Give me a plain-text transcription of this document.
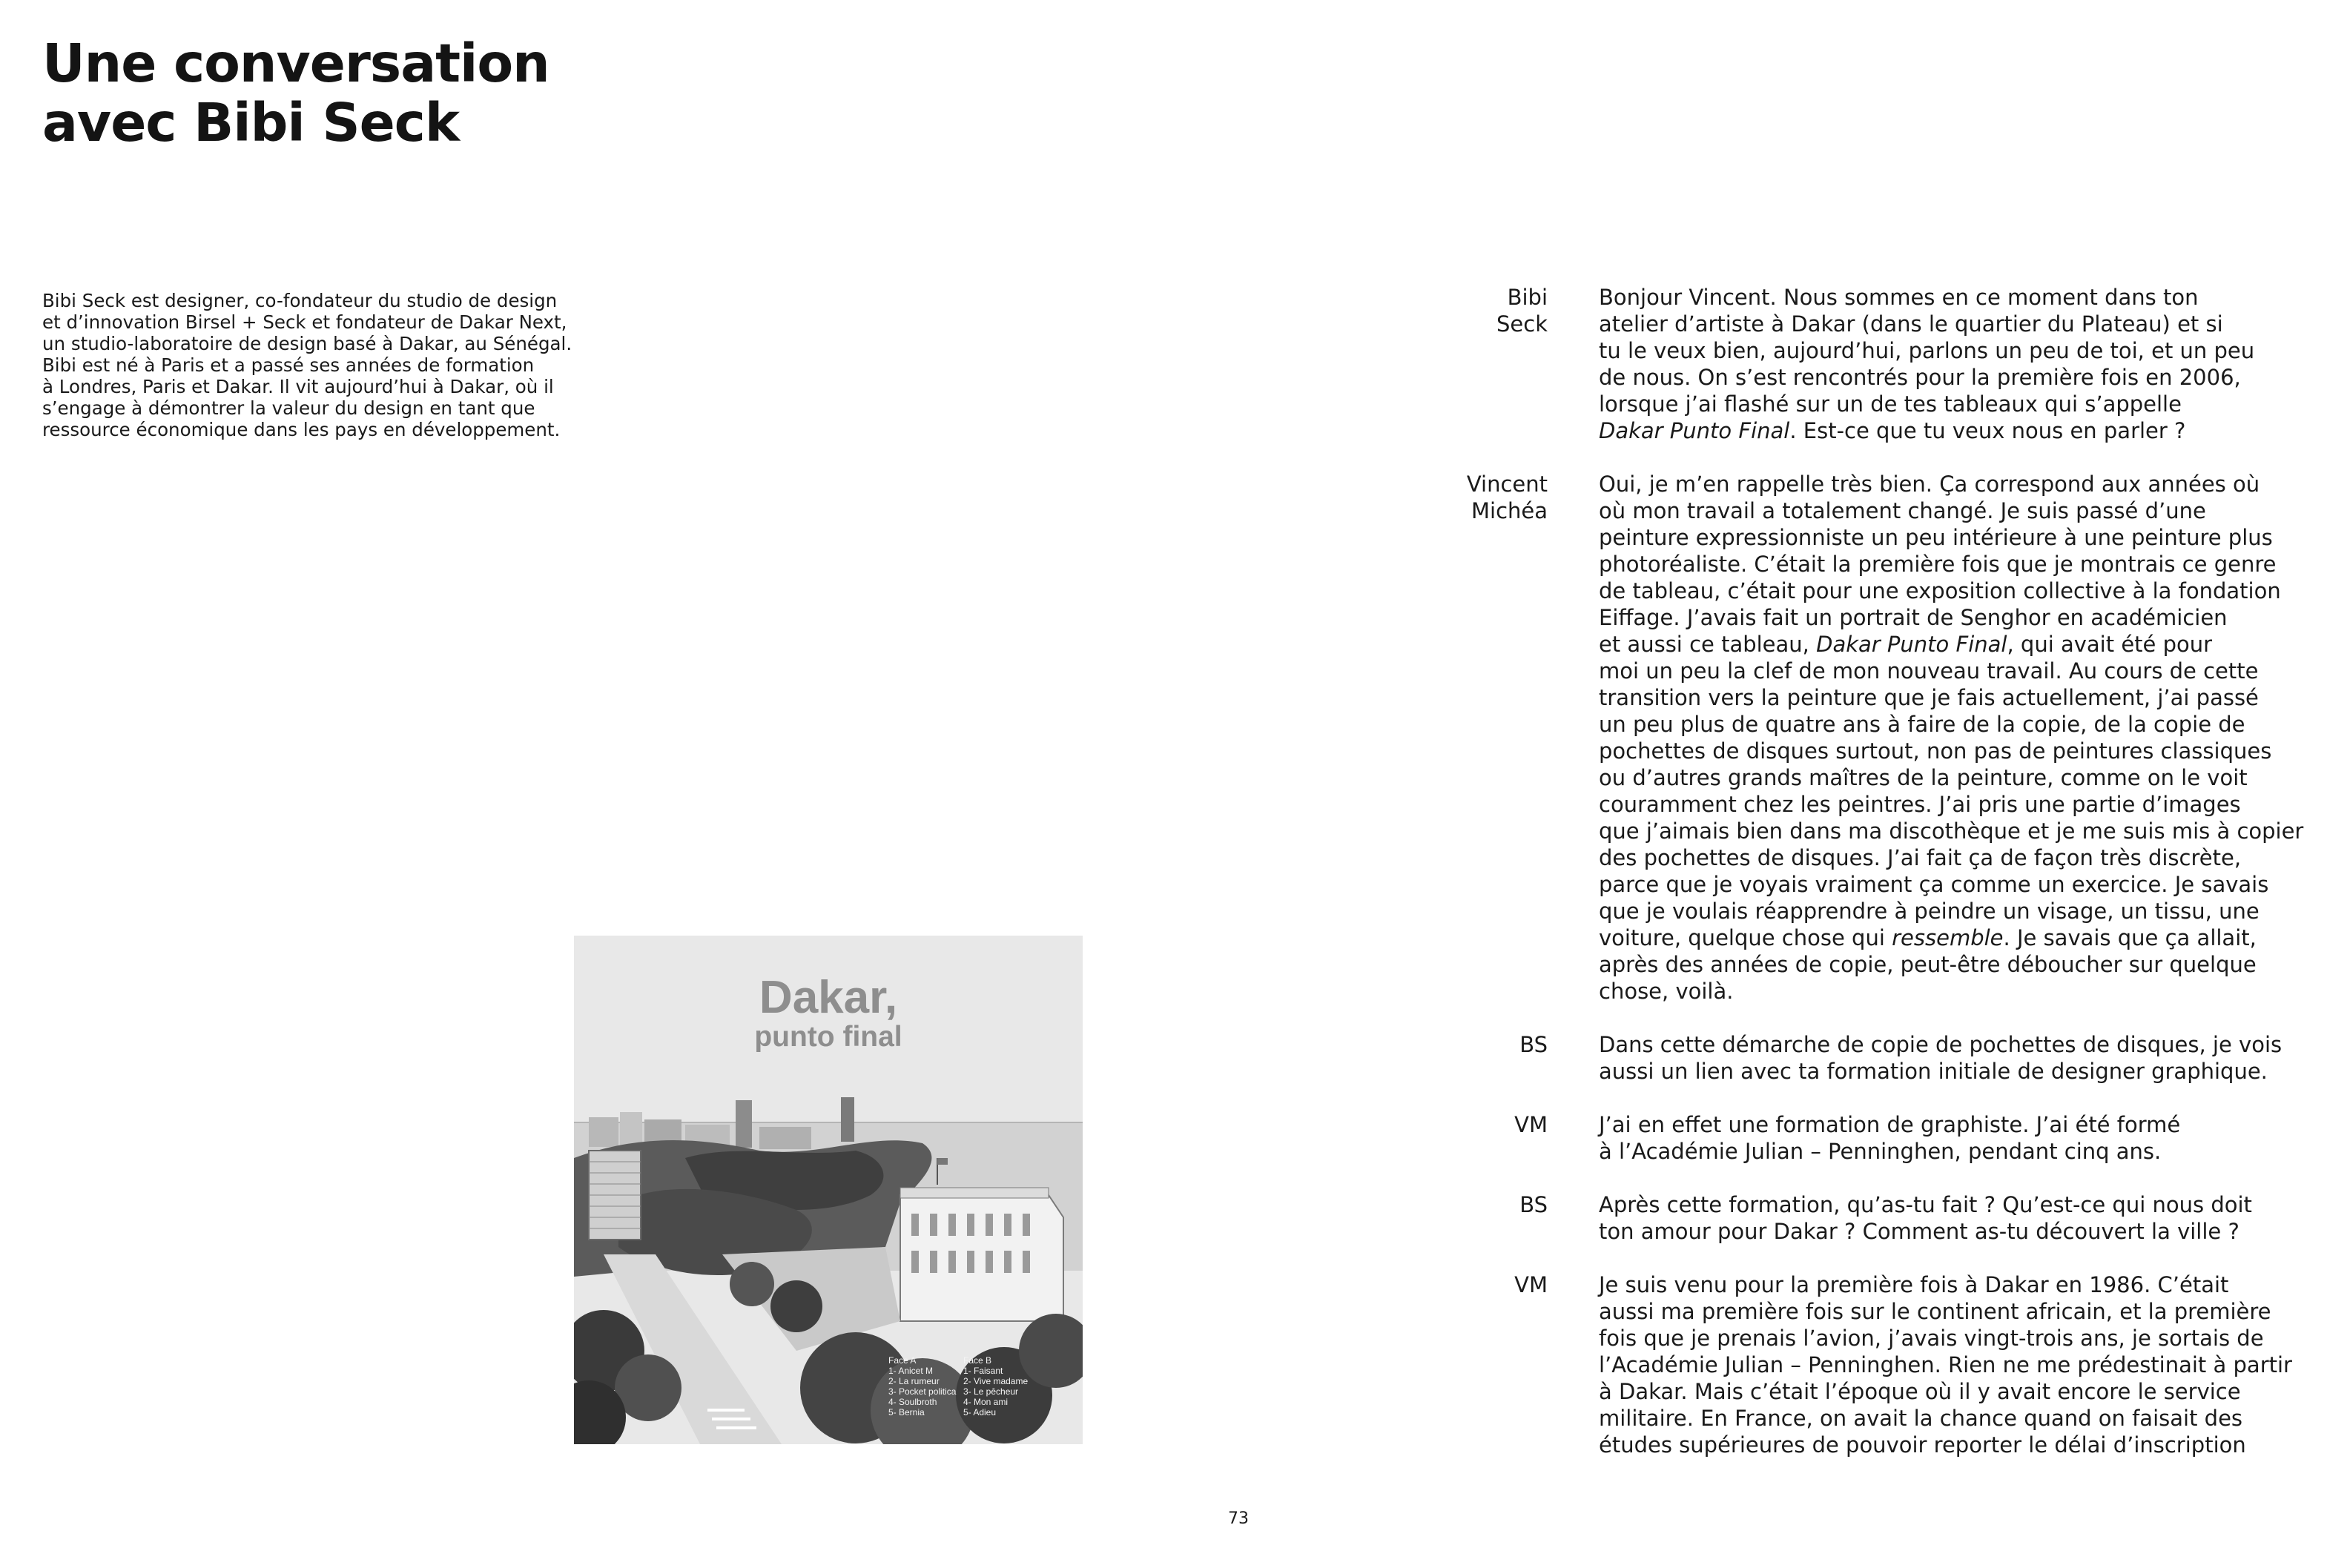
Une conversation
avec Bibi Seck

Bibi Seck est designer, co-fondateur du studio de design
et d’innovation Birsel + Seck et fondateur de Dakar Next,
un studio-laboratoire de design basé à Dakar, au Sénégal.
Bibi est né à Paris et a passé ses années de formation
à Londres, Paris et Dakar. Il vit aujourd’hui à Dakar, où il
s’engage à démontrer la valeur du design en tant que
ressource économique dans les pays en développement.

Dakar,
punto final
Face A
1- Anicet M
2- La rumeur
3- Pocket politica
4- Soulbroth
5- Bernia
Face B
1- Faisant
2- Vive madame
3- Le pêcheur
4- Mon ami
5- Adieu
Bibi
Seck
Bonjour Vincent. Nous sommes en ce moment dans ton
atelier d’artiste à Dakar (dans le quartier du Plateau) et si
tu le veux bien, aujourd’hui, parlons un peu de toi, et un peu
de nous. On s’est rencontrés pour la première fois en 2006,
lorsque j’ai flashé sur un de tes tableaux qui s’appelle
Dakar Punto Final. Est-ce que tu veux nous en parler ?
Vincent
Michéa
Oui, je m’en rappelle très bien. Ça correspond aux années où
où mon travail a totalement changé. Je suis passé d’une
peinture expressionniste un peu intérieure à une peinture plus
photoréaliste. C’était la première fois que je montrais ce genre
de tableau, c’était pour une exposition collective à la fondation
Eiffage. J’avais fait un portrait de Senghor en académicien
et aussi ce tableau, Dakar Punto Final, qui avait été pour
moi un peu la clef de mon nouveau travail. Au cours de cette
transition vers la peinture que je fais actuellement, j’ai passé
un peu plus de quatre ans à faire de la copie, de la copie de
pochettes de disques surtout, non pas de peintures classiques
ou d’autres grands maîtres de la peinture, comme on le voit
couramment chez les peintres. J’ai pris une partie d’images
que j’aimais bien dans ma discothèque et je me suis mis à copier
des pochettes de disques. J’ai fait ça de façon très discrète,
parce que je voyais vraiment ça comme un exercice. Je savais
que je voulais réapprendre à peindre un visage, un tissu, une
voiture, quelque chose qui ressemble. Je savais que ça allait,
après des années de copie, peut-être déboucher sur quelque
chose, voilà.
BS Dans cette démarche de copie de pochettes de disques, je vois
aussi un lien avec ta formation initiale de designer graphique.
VM J’ai en effet une formation de graphiste. J’ai été formé
à l’Académie Julian – Penninghen, pendant cinq ans.
BS Après cette formation, qu’as-tu fait ? Qu’est-ce qui nous doit
ton amour pour Dakar ? Comment as-tu découvert la ville ?
VM Je suis venu pour la première fois à Dakar en 1986. C’était
aussi ma première fois sur le continent africain, et la première
fois que je prenais l’avion, j’avais vingt-trois ans, je sortais de
l’Académie Julian – Penninghen. Rien ne me prédestinait à partir
à Dakar. Mais c’était l’époque où il y avait encore le service
militaire. En France, on avait la chance quand on faisait des
études supérieures de pouvoir reporter le délai d’inscription
73
